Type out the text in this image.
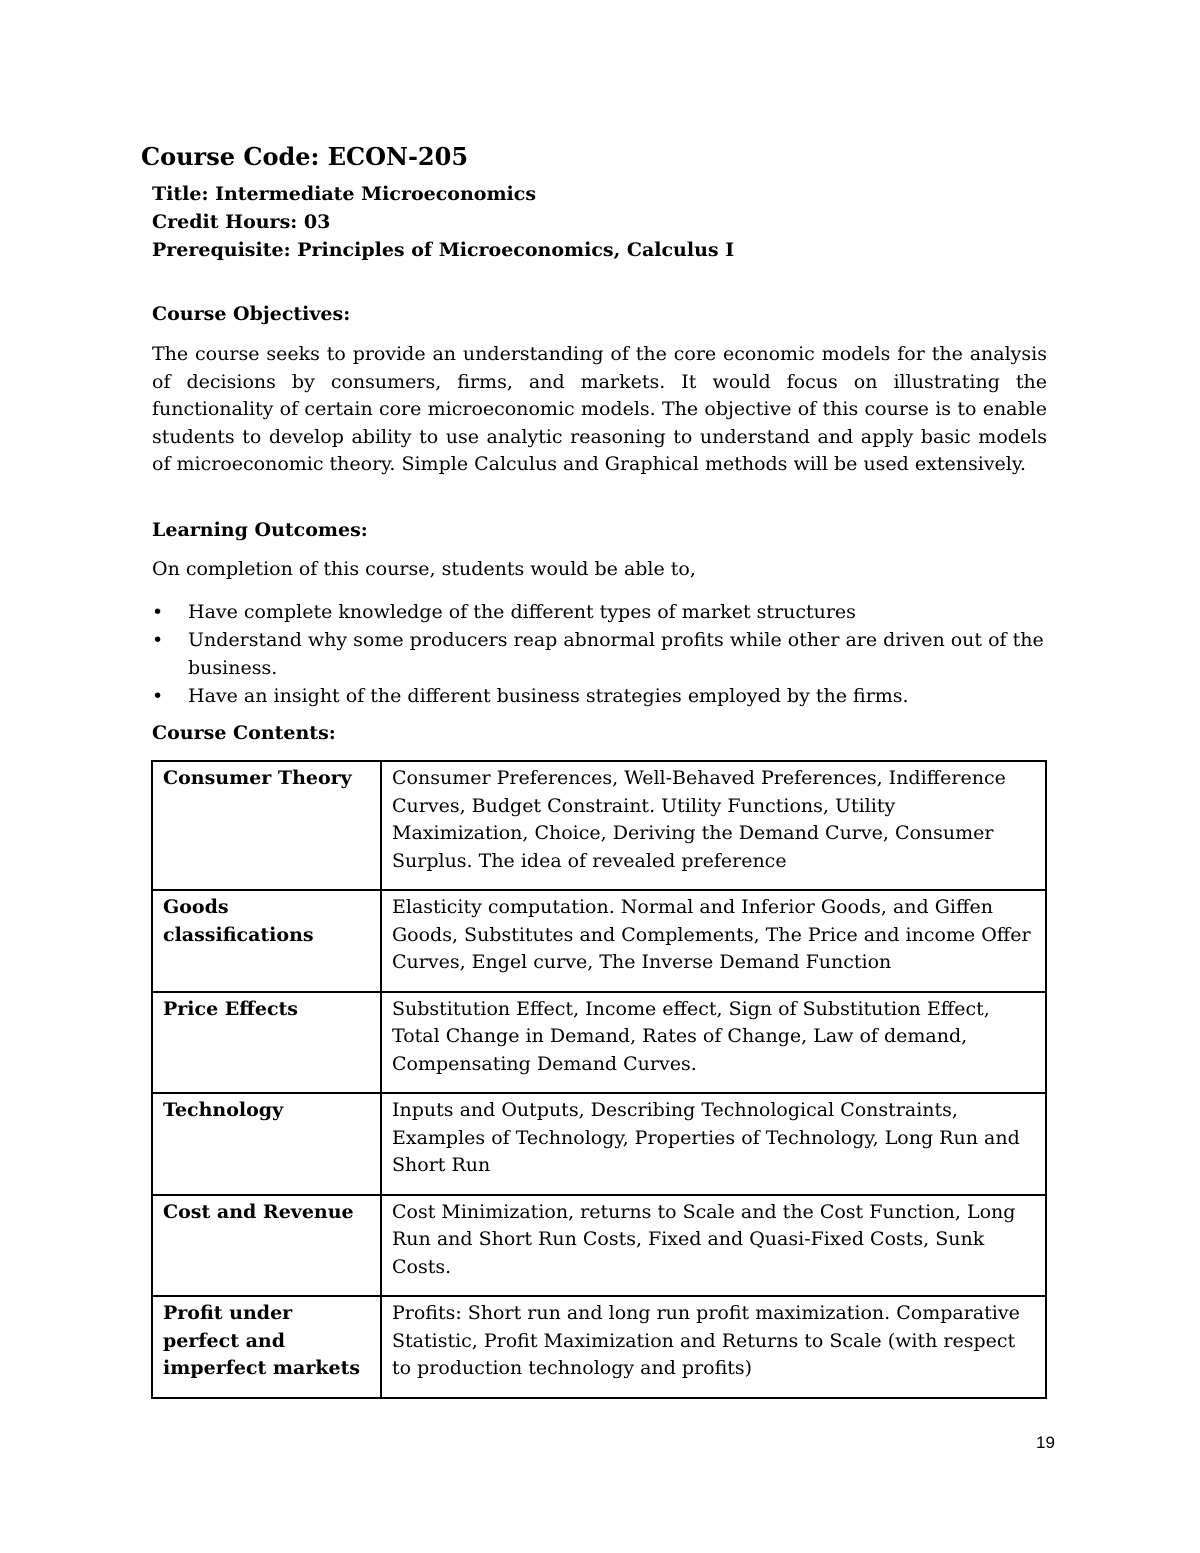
Course Code: ECON-205
Title: Intermediate Microeconomics
Credit Hours: 03
Prerequisite: Principles of Microeconomics, Calculus I
Course Objectives:

The course seeks to provide an understanding of the core economic models for the analysis of decisions by consumers, firms, and markets. It would focus on illustrating the functionality of certain core microeconomic models. The objective of this course is to enable students to develop ability to use analytic reasoning to understand and apply basic models of microeconomic theory. Simple Calculus and Graphical methods will be used extensively.

Learning Outcomes:

On completion of this course, students would be able to,

•	Have complete knowledge of the different types of market structures
•	Understand why some producers reap abnormal profits while other are driven out of the business.
•	Have an insight of the different business strategies employed by the firms.
Course Contents:
Consumer Theory	Consumer Preferences, Well-Behaved Preferences, Indifference Curves, Budget Constraint. Utility Functions, Utility Maximization, Choice, Deriving the Demand Curve, Consumer Surplus. The idea of revealed preference
Goods classifications	Elasticity computation. Normal and Inferior Goods, and Giffen Goods, Substitutes and Complements, The Price and income Offer Curves, Engel curve, The Inverse Demand Function
Price Effects	Substitution Effect, Income effect, Sign of Substitution Effect, Total Change in Demand, Rates of Change, Law of demand, Compensating Demand Curves.
Technology	Inputs and Outputs, Describing Technological Constraints, Examples of Technology, Properties of Technology, Long Run and Short Run
Cost and Revenue	Cost Minimization, returns to Scale and the Cost Function, Long Run and Short Run Costs, Fixed and Quasi-Fixed Costs, Sunk Costs.
Profit under perfect and imperfect markets	Profits: Short run and long run profit maximization. Comparative Statistic, Profit Maximization and Returns to Scale (with respect to production technology and profits)

19
